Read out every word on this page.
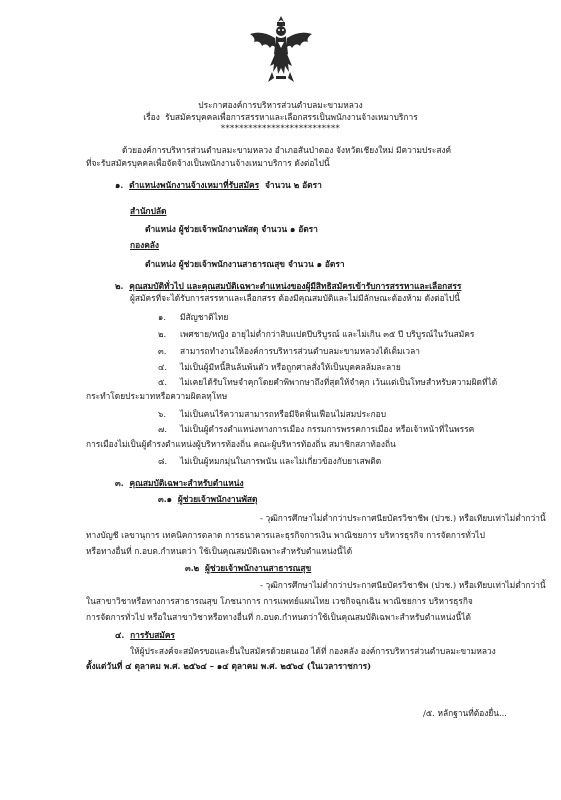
ประกาศองค์การบริหารส่วนตำบลมะขามหลวง
เรื่อง รับสมัครบุคคลเพื่อการสรรหาและเลือกสรรเป็นพนักงานจ้างเหมาบริการ
**************************
ด้วยองค์การบริหารส่วนตำบลมะขามหลวง อำเภอสันป่าตอง จังหวัดเชียงใหม่ มีความประสงค์
ที่จะรับสมัครบุคคลเพื่อจัดจ้างเป็นพนักงานจ้างเหมาบริการ ดังต่อไปนี้
๑. ตำแหน่งพนักงานจ้างเหมาที่รับสมัคร จำนวน ๒ อัตรา
สำนักปลัด
ตำแหน่ง ผู้ช่วยเจ้าพนักงานพัสดุ จำนวน ๑ อัตรา
กองคลัง
ตำแหน่ง ผู้ช่วยเจ้าพนักงานสาธารณสุข จำนวน ๑ อัตรา
๒. คุณสมบัติทั่วไป และคุณสมบัติเฉพาะตำแหน่งของผู้มีสิทธิสมัครเข้ารับการสรรหาและเลือกสรร
ผู้สมัครที่จะได้รับการสรรหาและเลือกสรร ต้องมีคุณสมบัติและไม่มีลักษณะต้องห้าม ดังต่อไปนี้
๑. มีสัญชาติไทย
๒. เพศชาย/หญิง อายุไม่ต่ำกว่าสิบแปดปีบริบูรณ์ และไม่เกิน ๓๕ ปี บริบูรณ์ในวันสมัคร
๓. สามารถทำงานให้องค์การบริหารส่วนตำบลมะขามหลวงได้เต็มเวลา
๔. ไม่เป็นผู้มีหนี้สินล้นพ้นตัว หรือถูกศาลสั่งให้เป็นบุคคลล้มละลาย
๕. ไม่เคยได้รับโทษจำคุกโดยคำพิพากษาถึงที่สุดให้จำคุก เว้นแต่เป็นโทษสำหรับความผิดที่ได้
กระทำโดยประมาทหรือความผิดลหุโทษ
๖. ไม่เป็นคนไร้ความสามารถหรือมีจิตฟั่นเฟือนไม่สมประกอบ
๗. ไม่เป็นผู้ดำรงตำแหน่งทางการเมือง กรรมการพรรคการเมือง หรือเจ้าหน้าที่ในพรรค
การเมืองไม่เป็นผู้ดำรงตำแหน่งผู้บริหารท้องถิ่น คณะผู้บริหารท้องถิ่น สมาชิกสภาท้องถิ่น
๘. ไม่เป็นผู้หมกมุ่นในการพนัน และไม่เกี่ยวข้องกับยาเสพติด
๓. คุณสมบัติเฉพาะสำหรับตำแหน่ง
๓.๑ ผู้ช่วยเจ้าพนักงานพัสดุ
- วุฒิการศึกษาไม่ต่ำกว่าประกาศนียบัตรวิชาชีพ (ปวช.) หรือเทียบเท่าไม่ต่ำกว่านี้
ทางบัญชี เลขานุการ เทคนิคการตลาด การธนาคารและธุรกิจการเงิน พาณิชยการ บริหารธุรกิจ การจัดการทั่วไป
หรือทางอื่นที่ ก.อบต.กำหนดว่า ใช้เป็นคุณสมบัติเฉพาะสำหรับตำแหน่งนี้ได้
๓.๒ ผู้ช่วยเจ้าพนักงานสาธารณสุข
- วุฒิการศึกษาไม่ต่ำกว่าประกาศนียบัตรวิชาชีพ (ปวช.) หรือเทียบเท่าไม่ต่ำกว่านี้
ในสาขาวิชาหรือทางการสาธารณสุข โภชนาการ การแพทย์แผนไทย เวชกิจฉุกเฉิน พาณิชยการ บริหารธุรกิจ
การจัดการทั่วไป หรือในสาขาวิชาหรือทางอื่นที่ ก.อบต.กำหนดว่าใช้เป็นคุณสมบัติเฉพาะสำหรับตำแหน่งนี้ได้
๔. การรับสมัคร
ให้ผู้ประสงค์จะสมัครขอและยื่นใบสมัครด้วยตนเอง ได้ที่ กองคลัง องค์การบริหารส่วนตำบลมะขามหลวง
ตั้งแต่วันที่ ๔ ตุลาคม พ.ศ. ๒๕๖๔ – ๑๔ ตุลาคม พ.ศ. ๒๕๖๔ (ในเวลาราชการ)
/๕. หลักฐานที่ต้องยื่น...
